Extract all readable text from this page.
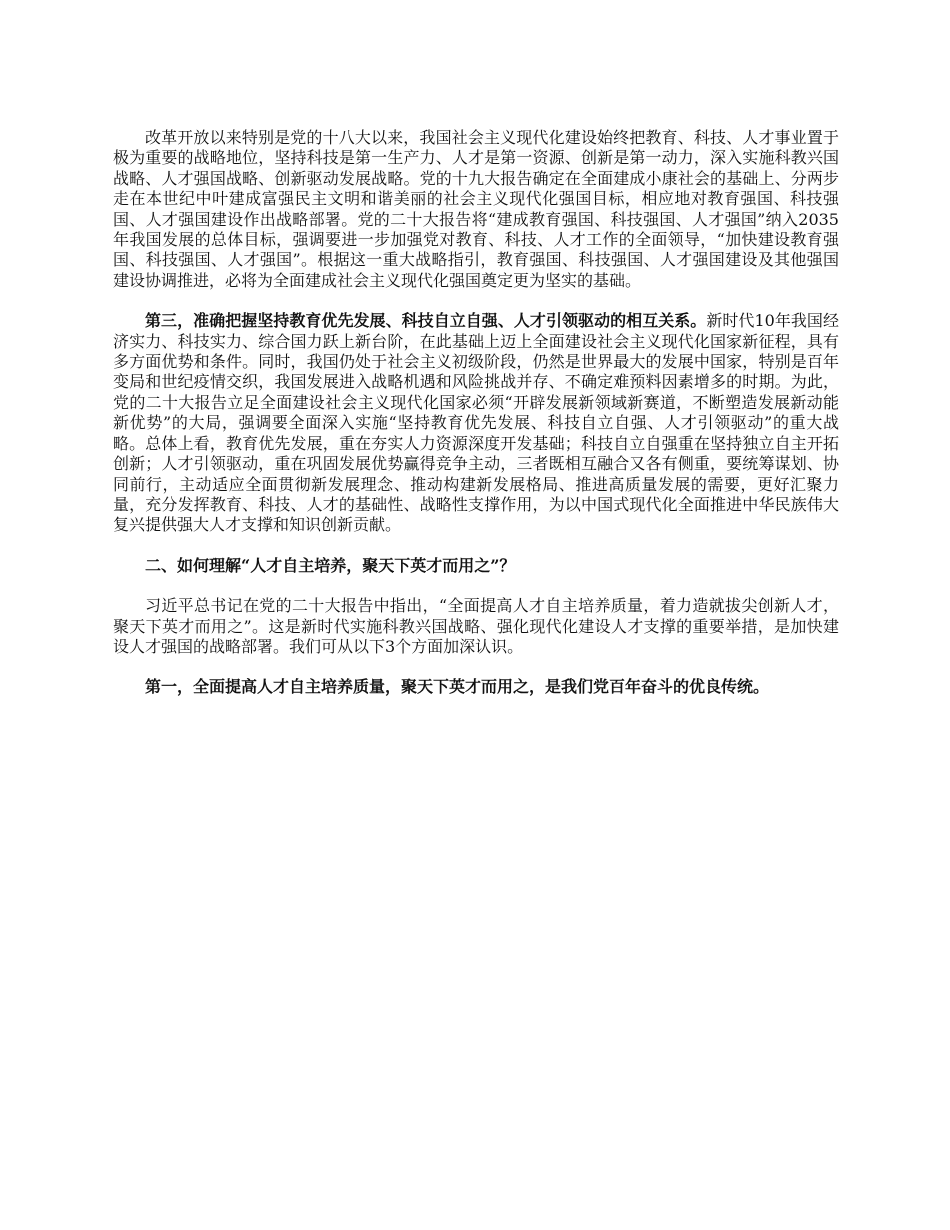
改革开放以来特别是党的十八大以来，我国社会主义现代化建设始终把教育、科技、人才事业置于极为重要的战略地位，坚持科技是第一生产力、人才是第一资源、创新是第一动力，深入实施科教兴国战略、人才强国战略、创新驱动发展战略。党的十九大报告确定在全面建成小康社会的基础上、分两步走在本世纪中叶建成富强民主文明和谐美丽的社会主义现代化强国目标，相应地对教育强国、科技强国、人才强国建设作出战略部署。党的二十大报告将“建成教育强国、科技强国、人才强国”纳入2035年我国发展的总体目标，强调要进一步加强党对教育、科技、人才工作的全面领导，“加快建设教育强国、科技强国、人才强国”。根据这一重大战略指引，教育强国、科技强国、人才强国建设及其他强国建设协调推进，必将为全面建成社会主义现代化强国奠定更为坚实的基础。

第三，准确把握坚持教育优先发展、科技自立自强、人才引领驱动的相互关系。新时代10年我国经济实力、科技实力、综合国力跃上新台阶，在此基础上迈上全面建设社会主义现代化国家新征程，具有多方面优势和条件。同时，我国仍处于社会主义初级阶段，仍然是世界最大的发展中国家，特别是百年变局和世纪疫情交织，我国发展进入战略机遇和风险挑战并存、不确定难预料因素增多的时期。为此，党的二十大报告立足全面建设社会主义现代化国家必须“开辟发展新领域新赛道，不断塑造发展新动能新优势”的大局，强调要全面深入实施“坚持教育优先发展、科技自立自强、人才引领驱动”的重大战略。总体上看，教育优先发展，重在夯实人力资源深度开发基础；科技自立自强重在坚持独立自主开拓创新；人才引领驱动，重在巩固发展优势赢得竞争主动，三者既相互融合又各有侧重，要统筹谋划、协同前行，主动适应全面贯彻新发展理念、推动构建新发展格局、推进高质量发展的需要，更好汇聚力量，充分发挥教育、科技、人才的基础性、战略性支撑作用，为以中国式现代化全面推进中华民族伟大复兴提供强大人才支撑和知识创新贡献。

二、如何理解“人才自主培养，聚天下英才而用之”？

习近平总书记在党的二十大报告中指出，“全面提高人才自主培养质量，着力造就拔尖创新人才，聚天下英才而用之”。这是新时代实施科教兴国战略、强化现代化建设人才支撑的重要举措，是加快建设人才强国的战略部署。我们可从以下3个方面加深认识。

第一，全面提高人才自主培养质量，聚天下英才而用之，是我们党百年奋斗的优良传统。
